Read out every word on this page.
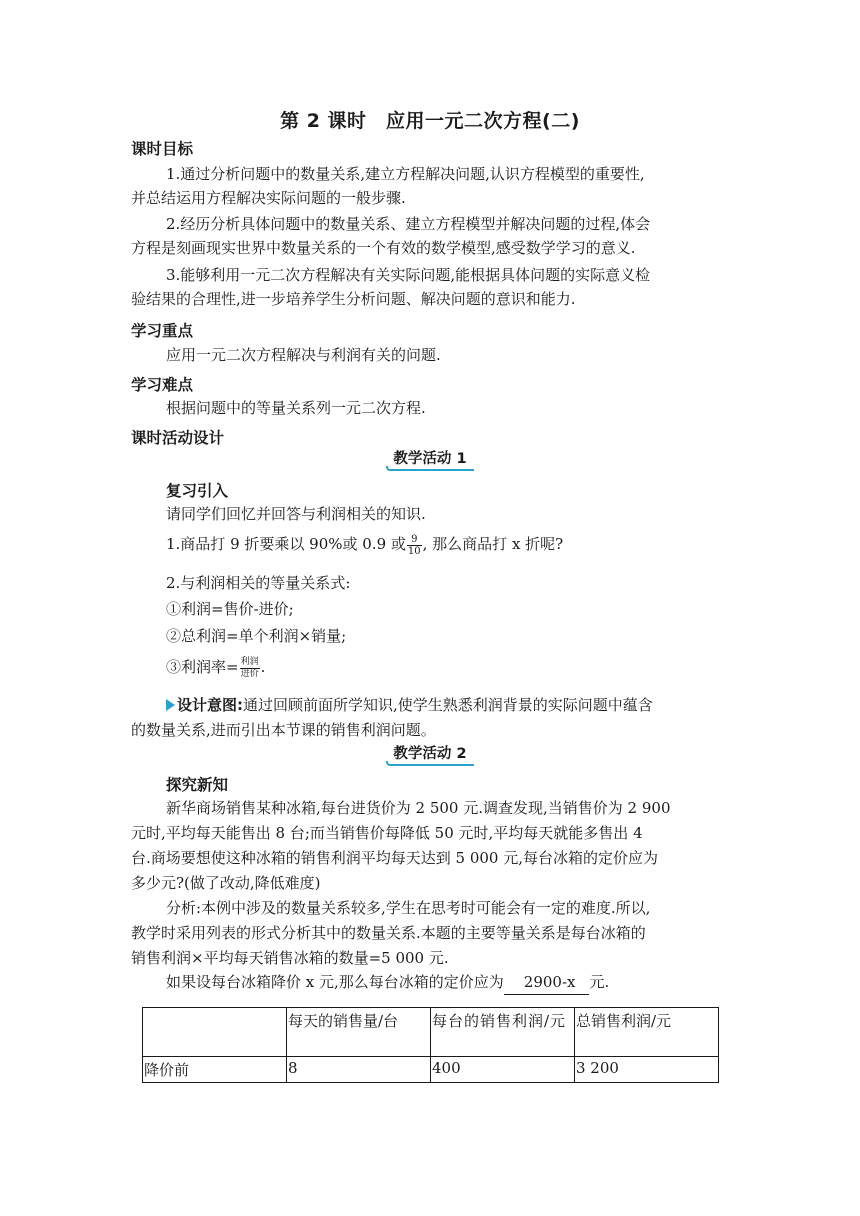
第 2 课时　应用一元二次方程(二)
课时目标
1.通过分析问题中的数量关系,建立方程解决问题,认识方程模型的重要性,
并总结运用方程解决实际问题的一般步骤.
2.经历分析具体问题中的数量关系、建立方程模型并解决问题的过程,体会
方程是刻画现实世界中数量关系的一个有效的数学模型,感受数学学习的意义.
3.能够利用一元二次方程解决有关实际问题,能根据具体问题的实际意义检
验结果的合理性,进一步培养学生分析问题、解决问题的意识和能力.
学习重点
应用一元二次方程解决与利润有关的问题.
学习难点
根据问题中的等量关系列一元二次方程.
课时活动设计
教学活动 1
复习引入
请同学们回忆并回答与利润相关的知识.
1.商品打 9 折要乘以 90%或 0.9 或 $\frac{9}{10}$ , 那么商品打 x 折呢?
2.与利润相关的等量关系式:
①利润=售价-进价;
②总利润=单个利润×销量;
③利润率= $\frac{\text{利润}}{\text{进价}}$ .
设计意图:通过回顾前面所学知识,使学生熟悉利润背景的实际问题中蕴含
的数量关系,进而引出本节课的销售利润问题。
教学活动 2
探究新知
新华商场销售某种冰箱,每台进货价为 2 500 元.调查发现,当销售价为 2 900
元时,平均每天能售出 8 台;而当销售价每降低 50 元时,平均每天就能多售出 4
台.商场要想使这种冰箱的销售利润平均每天达到 5 000 元,每台冰箱的定价应为
多少元?(做了改动,降低难度)
分析:本例中涉及的数量关系较多,学生在思考时可能会有一定的难度.所以,
教学时采用列表的形式分析其中的数量关系.本题的主要等量关系是每台冰箱的
销售利润×平均每天销售冰箱的数量=5 000 元.
如果设每台冰箱降价 x 元,那么每台冰箱的定价应为 2900-x 元.
	每天的销售量/台	每台的销售利润/元	总销售利润/元
降价前	8	400	3 200
